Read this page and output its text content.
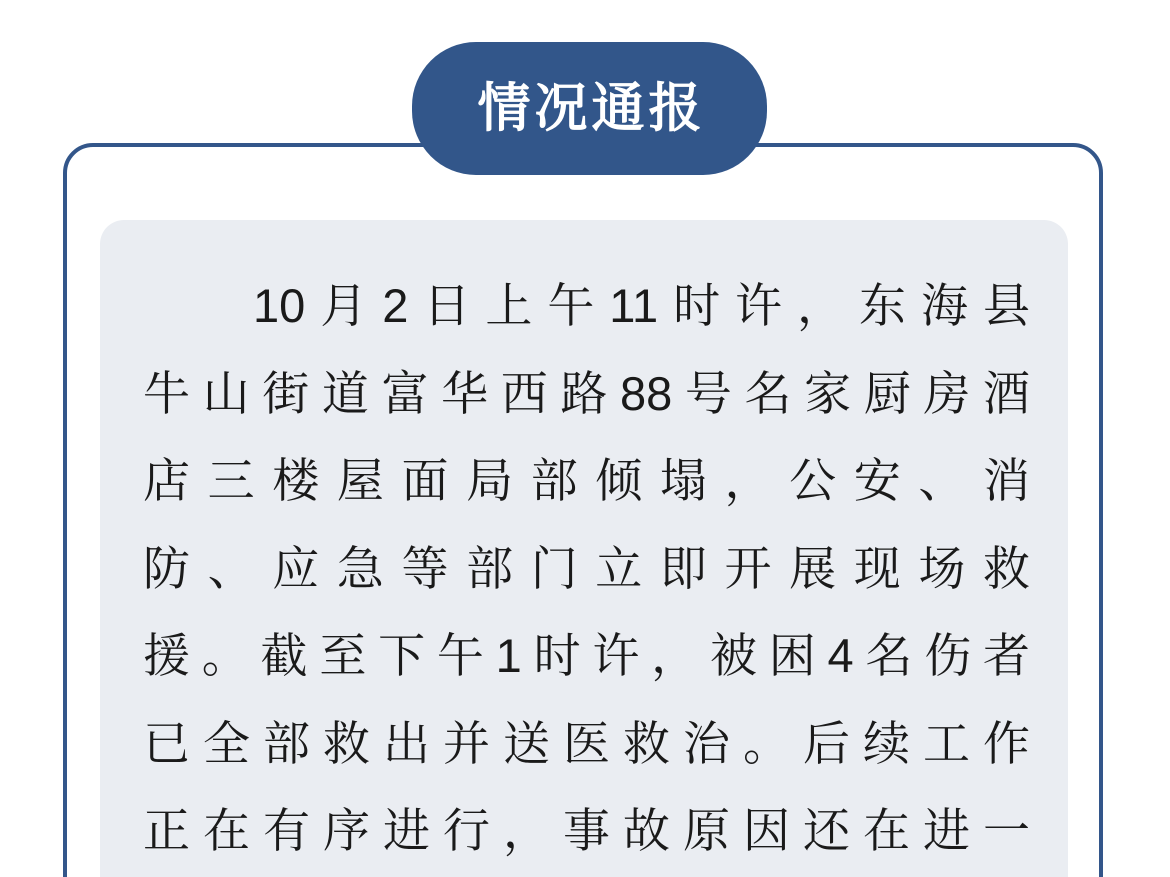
情况通报
10月2日上午11时许，东海县
牛山街道富华西路88号名家厨房酒
店三楼屋面局部倾塌，公安、消
防、应急等部门立即开展现场救
援。截至下午1时许，被困4名伤者
已全部救出并送医救治。后续工作
正在有序进行，事故原因还在进一
